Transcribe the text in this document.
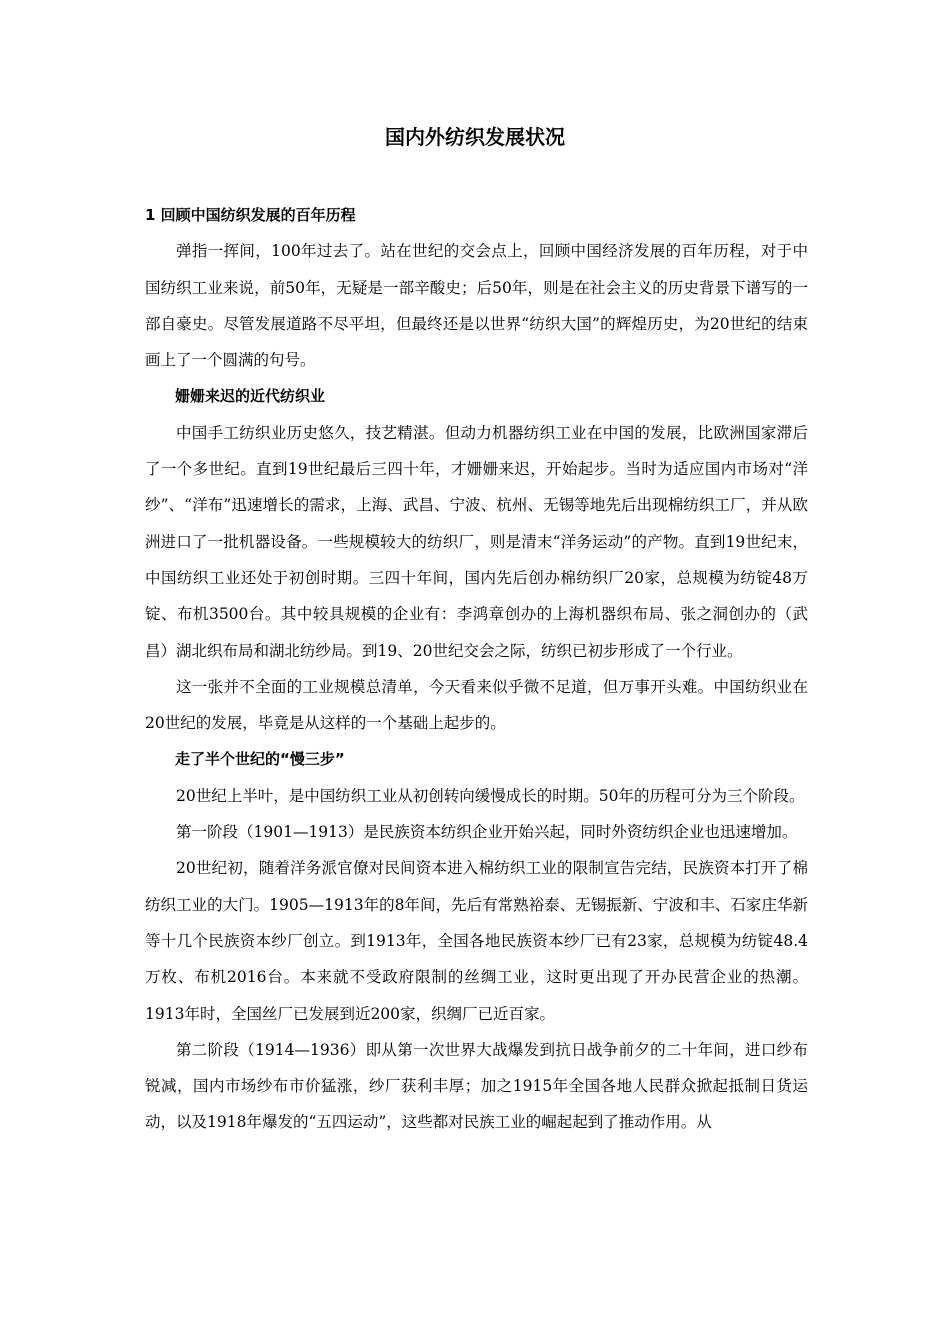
国内外纺织发展状况
1 回顾中国纺织发展的百年历程

弹指一挥间，100年过去了。站在世纪的交会点上，回顾中国经济发展的百年历程，对于中国纺织工业来说，前50年，无疑是一部辛酸史；后50年，则是在社会主义的历史背景下谱写的一部自豪史。尽管发展道路不尽平坦，但最终还是以世界“纺织大国”的辉煌历史，为20世纪的结束画上了一个圆满的句号。

姗姗来迟的近代纺织业

中国手工纺织业历史悠久，技艺精湛。但动力机器纺织工业在中国的发展，比欧洲国家滞后了一个多世纪。直到19世纪最后三四十年，才姗姗来迟，开始起步。当时为适应国内市场对“洋纱”、“洋布”迅速增长的需求，上海、武昌、宁波、杭州、无锡等地先后出现棉纺织工厂，并从欧洲进口了一批机器设备。一些规模较大的纺织厂，则是清末“洋务运动”的产物。直到19世纪末，中国纺织工业还处于初创时期。三四十年间，国内先后创办棉纺织厂20家，总规模为纺锭48万锭、布机3500台。其中较具规模的企业有：李鸿章创办的上海机器织布局、张之洞创办的（武昌）湖北织布局和湖北纺纱局。到19、20世纪交会之际，纺织已初步形成了一个行业。

这一张并不全面的工业规模总清单，今天看来似乎微不足道，但万事开头难。中国纺织业在20世纪的发展，毕竟是从这样的一个基础上起步的。

走了半个世纪的“慢三步”

20世纪上半叶，是中国纺织工业从初创转向缓慢成长的时期。50年的历程可分为三个阶段。

第一阶段（1901—1913）是民族资本纺织企业开始兴起，同时外资纺织企业也迅速增加。

20世纪初，随着洋务派官僚对民间资本进入棉纺织工业的限制宣告完结，民族资本打开了棉纺织工业的大门。1905—1913年的8年间，先后有常熟裕泰、无锡振新、宁波和丰、石家庄华新等十几个民族资本纱厂创立。到1913年，全国各地民族资本纱厂已有23家，总规模为纺锭48.4万枚、布机2016台。本来就不受政府限制的丝绸工业，这时更出现了开办民营企业的热潮。1913年时，全国丝厂已发展到近200家，织绸厂已近百家。

第二阶段（1914—1936）即从第一次世界大战爆发到抗日战争前夕的二十年间，进口纱布锐减，国内市场纱布市价猛涨，纱厂获利丰厚；加之1915年全国各地人民群众掀起抵制日货运动，以及1918年爆发的“五四运动”，这些都对民族工业的崛起起到了推动作用。从
